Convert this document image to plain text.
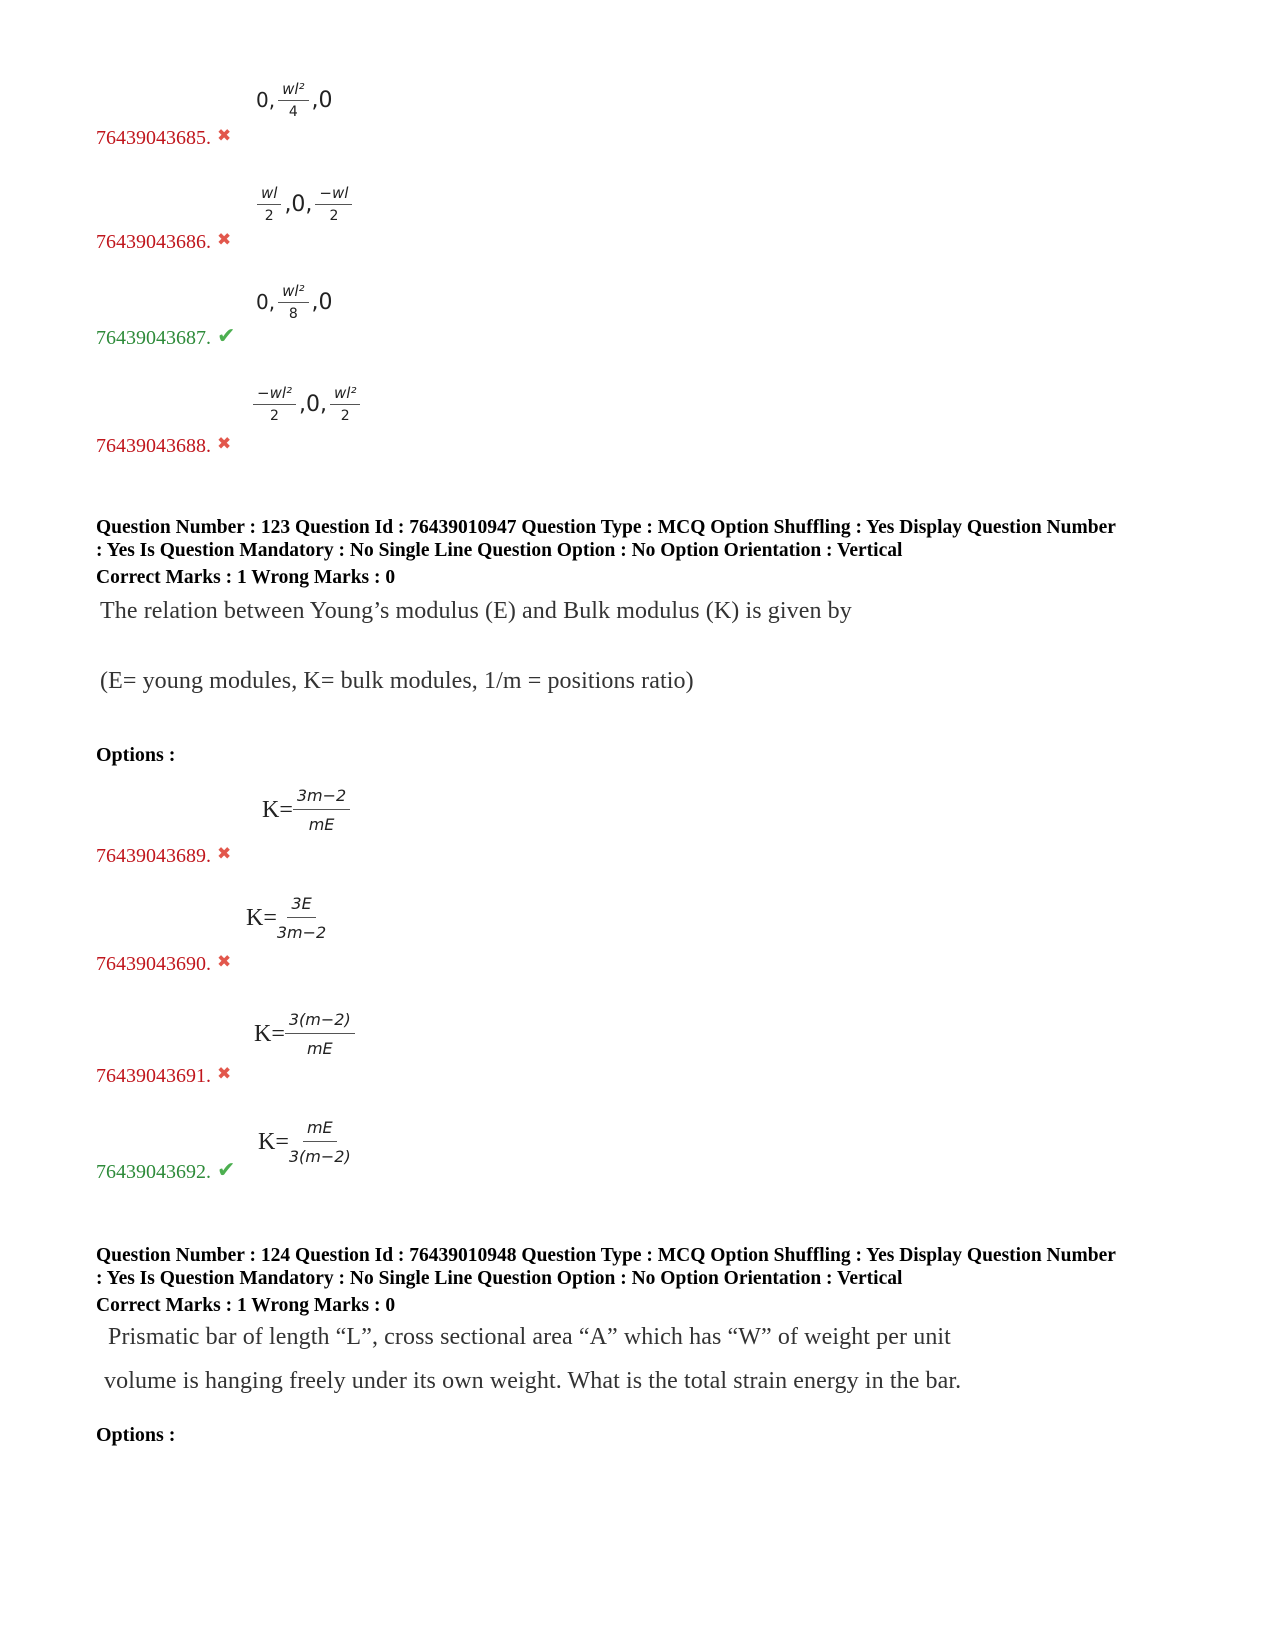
0, $\frac{\text{wl²}}{4} ,0$
76439043685. ✖
$\frac{wl}{2} ,0$, $\frac{-wl}{2}$
76439043686. ✖
0, $\frac{\text{wl²}}{8} ,0$
76439043687. ✔
$\frac{\text{−wl²}}{2} ,0$, $\frac{\text{wl²}}{2}$
76439043688. ✖
Question Number : 123 Question Id : 76439010947 Question Type : MCQ Option Shuffling : Yes Display Question Number
: Yes Is Question Mandatory : No Single Line Question Option : No Option Orientation : Vertical
Correct Marks : 1 Wrong Marks : 0
The relation between Young’s modulus (E) and Bulk modulus (K) is given by
(E= young modules, K= bulk modules, 1/m = positions ratio)
Options :
$K= \frac{3m-2}{mE}$
76439043689. ✖
$K= \frac{3E}{3m-2}$
76439043690. ✖
$K= \frac{3(m-2)}{mE}$
76439043691. ✖
$K= \frac{mE}{3(m-2)}$
76439043692. ✔
Question Number : 124 Question Id : 76439010948 Question Type : MCQ Option Shuffling : Yes Display Question Number
: Yes Is Question Mandatory : No Single Line Question Option : No Option Orientation : Vertical
Correct Marks : 1 Wrong Marks : 0
Prismatic bar of length “L”, cross sectional area “A” which has “W” of weight per unit
volume is hanging freely under its own weight. What is the total strain energy in the bar.
Options :
